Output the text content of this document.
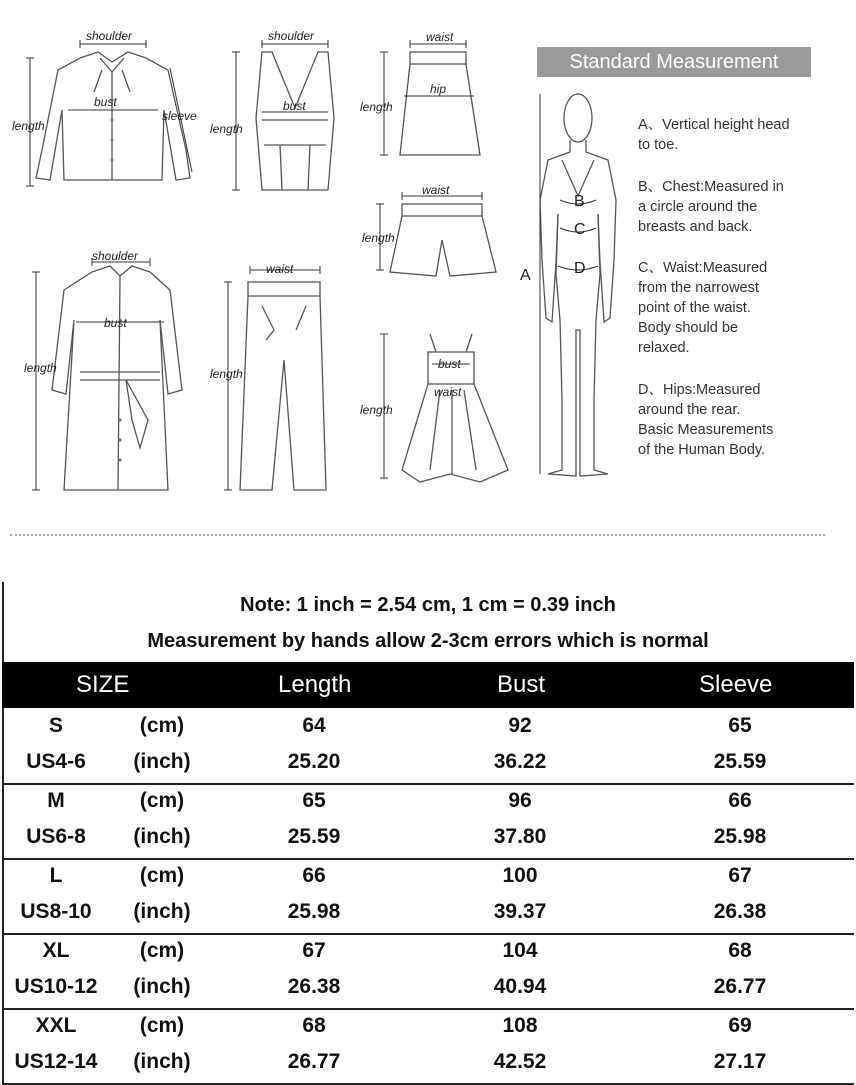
shoulder
bust
length
sleeve
shoulder
bust
length
waist
hip
length
waist
length
shoulder
bust
length
waist
length
bust
waist
length
B
C
D
A
Standard Measurement
A、Vertical height head
to toe.
B、Chest:Measured in
a circle around the
breasts and back.
C、Waist:Measured
from the narrowest
point of the waist.
Body should be
relaxed.
D、Hips:Measured
around the rear.
Basic Measurements
of the Human Body.
Note: 1 inch = 2.54 cm, 1 cm = 0.39 inch
Measurement by hands allow 2-3cm errors which is normal
SIZE	Length	Bust	Sleeve
S	(cm)	64	92	65
US4-6	(inch)	25.20	36.22	25.59
M	(cm)	65	96	66
US6-8	(inch)	25.59	37.80	25.98
L	(cm)	66	100	67
US8-10	(inch)	25.98	39.37	26.38
XL	(cm)	67	104	68
US10-12	(inch)	26.38	40.94	26.77
XXL	(cm)	68	108	69
US12-14	(inch)	26.77	42.52	27.17
